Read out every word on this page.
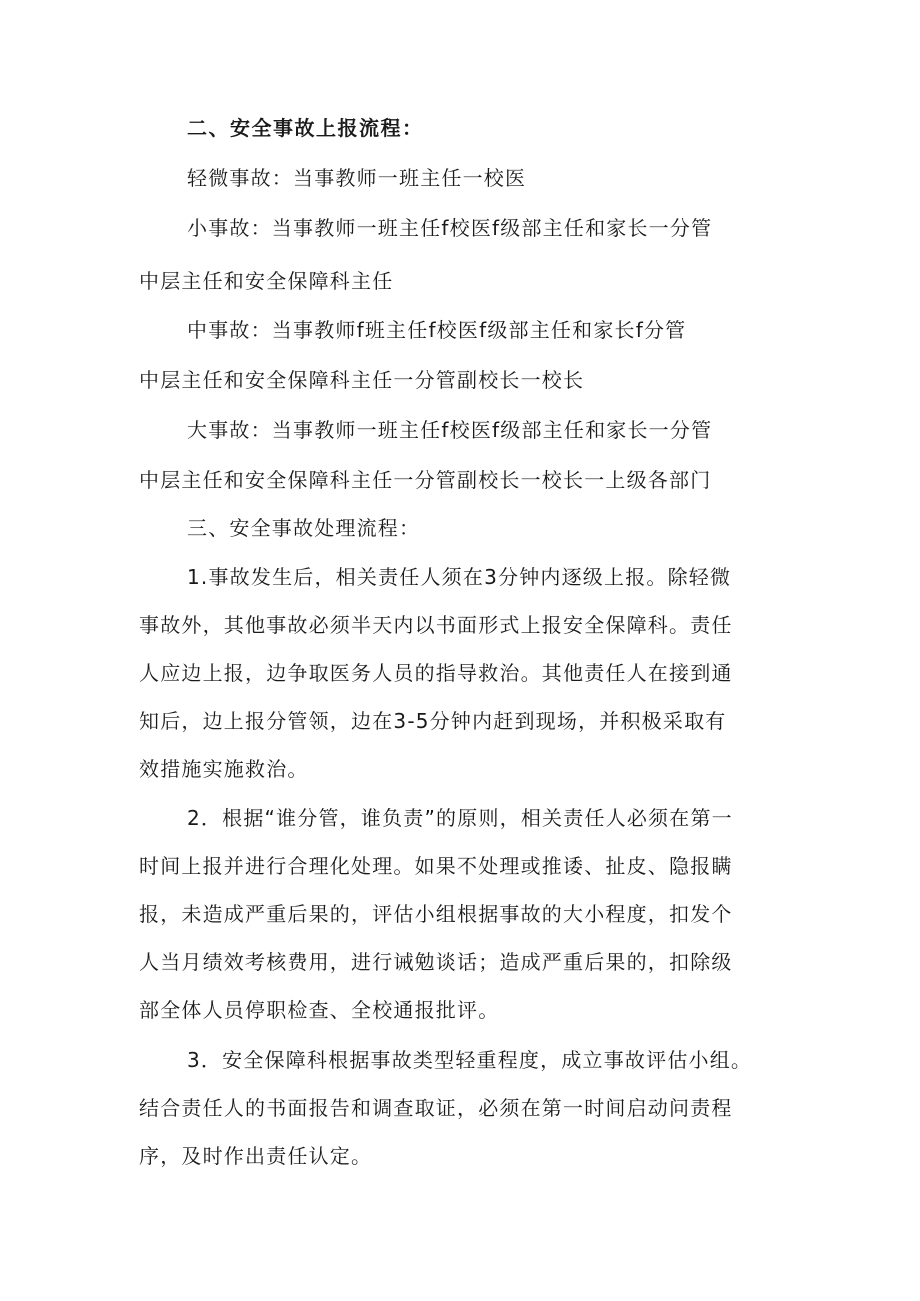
二、安全事故上报流程：
轻微事故：当事教师一班主任一校医
小事故：当事教师一班主任f校医f级部主任和家长一分管
中层主任和安全保障科主任
中事故：当事教师f班主任f校医f级部主任和家长f分管
中层主任和安全保障科主任一分管副校长一校长
大事故：当事教师一班主任f校医f级部主任和家长一分管
中层主任和安全保障科主任一分管副校长一校长一上级各部门
三、安全事故处理流程：
1.事故发生后，相关责任人须在3分钟内逐级上报。除轻微
事故外，其他事故必须半天内以书面形式上报安全保障科。责任
人应边上报，边争取医务人员的指导救治。其他责任人在接到通
知后，边上报分管领，边在3-5分钟内赶到现场，并积极采取有
效措施实施救治。
2．根据“谁分管，谁负责”的原则，相关责任人必须在第一
时间上报并进行合理化处理。如果不处理或推诿、扯皮、隐报瞒
报，未造成严重后果的，评估小组根据事故的大小程度，扣发个
人当月绩效考核费用，进行诫勉谈话；造成严重后果的，扣除级
部全体人员停职检查、全校通报批评。
3．安全保障科根据事故类型轻重程度，成立事故评估小组。
结合责任人的书面报告和调查取证，必须在第一时间启动问责程
序，及时作出责任认定。
